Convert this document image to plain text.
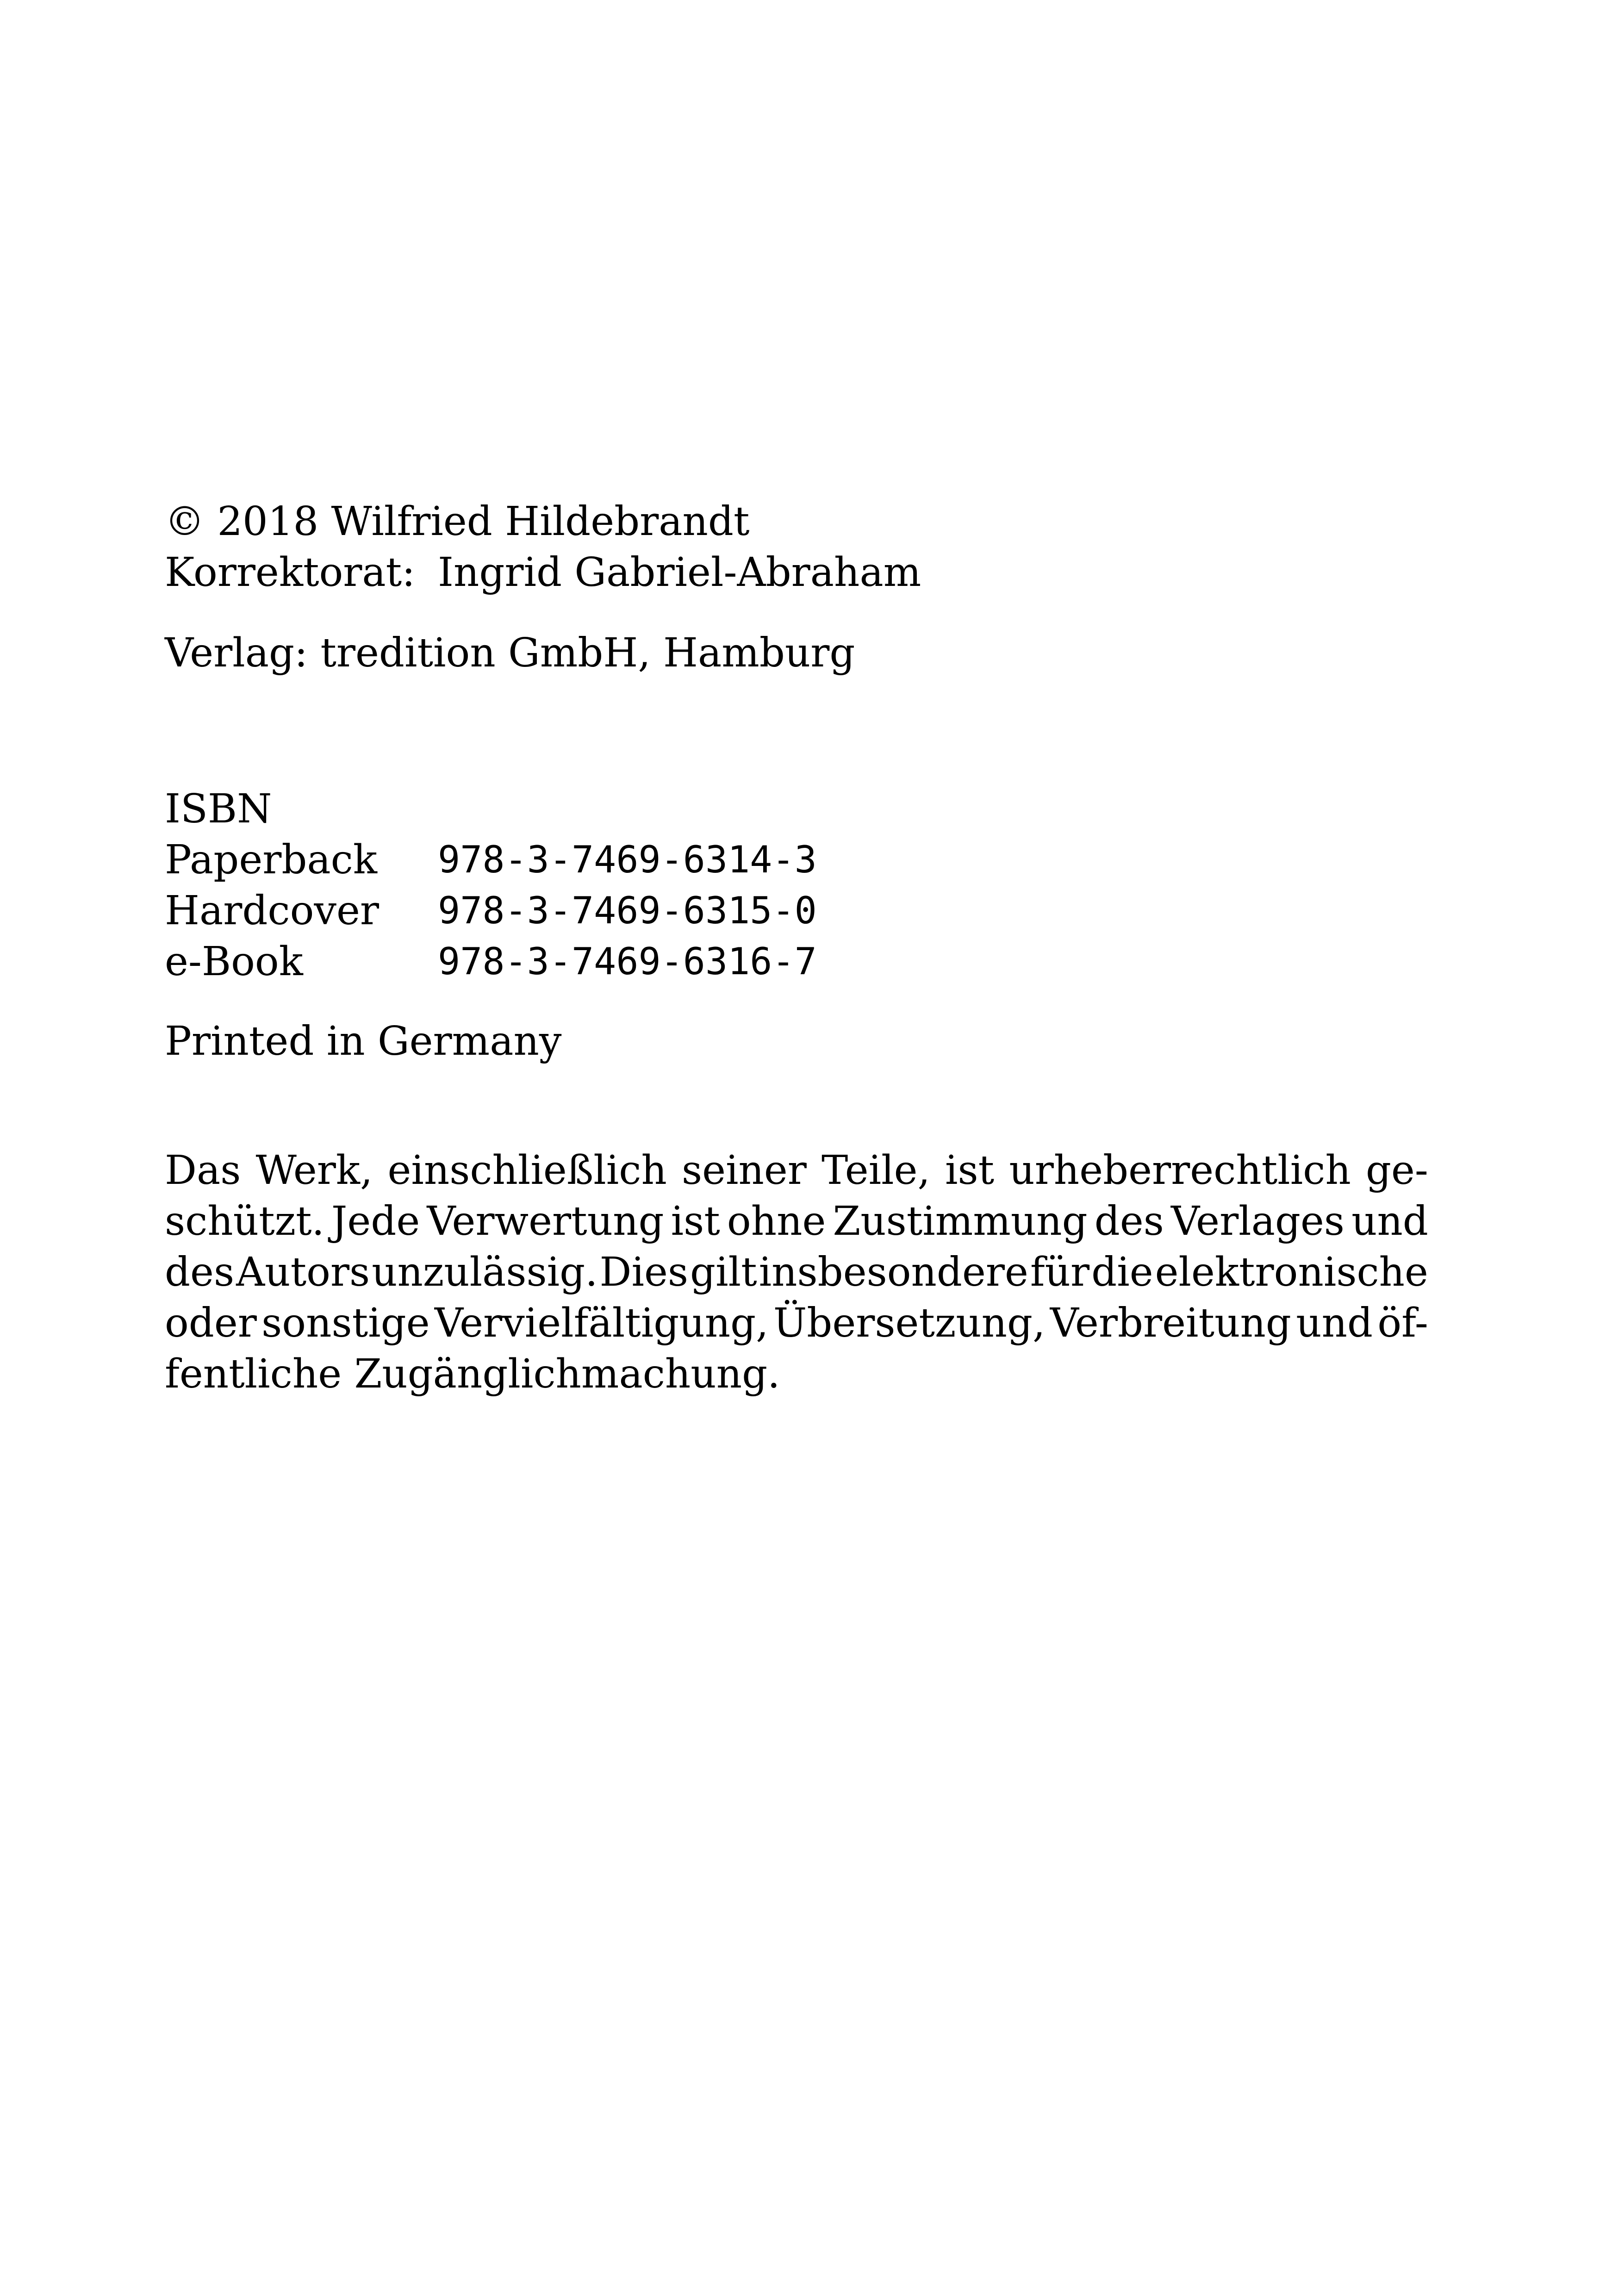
© 2018 Wilfried Hildebrandt
Korrektorat: Ingrid Gabriel-Abraham
Verlag: tredition GmbH, Hamburg
ISBN
Paperback	978-3-7469-6314-3
Hardcover	978-3-7469-6315-0
e-Book	978-3-7469-6316-7
Printed in Germany
Das Werk, einschließlich seiner Teile, ist urheberrechtlich ge-
schützt. Jede Verwertung ist ohne Zustimmung des Verlages und
des Autors unzulässig. Dies gilt insbesondere für die elektronische
oder sonstige Vervielfältigung, Übersetzung, Verbreitung und öf-
fentliche Zugänglichmachung.
